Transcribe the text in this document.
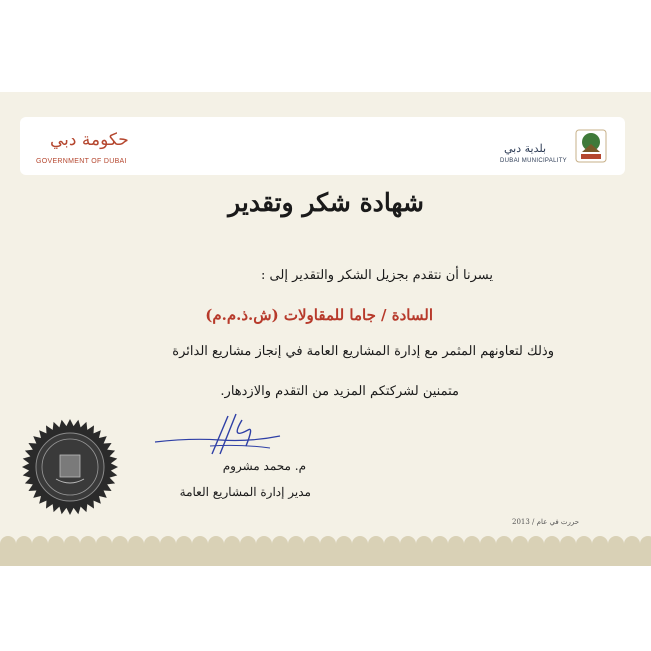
حكومة دبي
GOVERNMENT OF DUBAI
بلدية دبي
DUBAI MUNICIPALITY
شهادة شكر وتقدير
يسرنا أن نتقدم بجزيل الشكر والتقدير إلى :
السادة / جاما للمقاولات (ش.ذ.م.م)
وذلك لتعاونهم المثمر مع إدارة المشاريع العامة في إنجاز مشاريع الدائرة
متمنين لشركتكم المزيد من التقدم والازدهار.
م. محمد مشروم
مدير إدارة المشاريع العامة
حررت في عام / 2013
